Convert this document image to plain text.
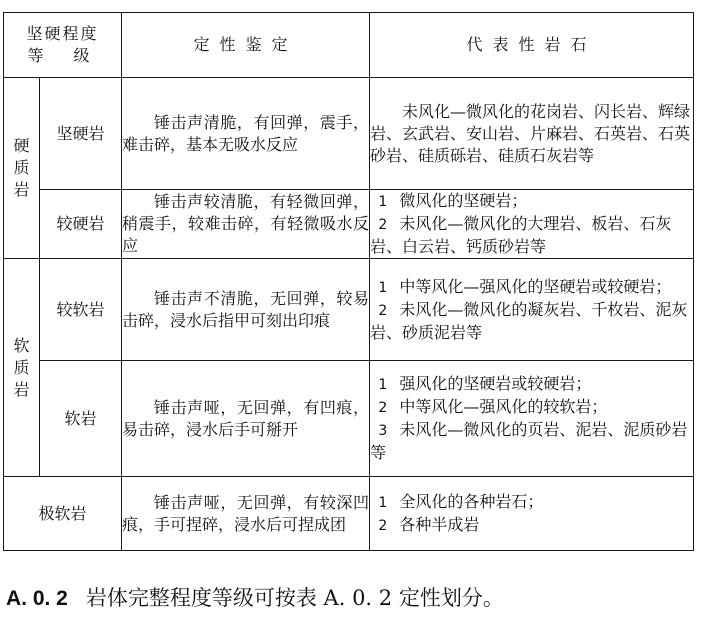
坚硬程度

等级		定性鉴定	代表性岩石
硬质岩	坚硬岩	锤击声清脆，有回弹，震手，难击碎，基本无吸水反应	未风化—微风化的花岗岩、闪长岩、辉绿岩、玄武岩、安山岩、片麻岩、石英岩、石英砂岩、硅质砾岩、硅质石灰岩等

	较硬岩	锤击声较清脆，有轻微回弹，稍震手，较难击碎，有轻微吸水反应	1 微风化的坚硬岩；
2 未风化—微风化的大理岩、板岩、石灰岩、白云岩、钙质砂岩等

软质岩	较软岩	锤击声不清脆，无回弹，较易击碎，浸水后指甲可刻出印痕	1 中等风化—强风化的坚硬岩或较硬岩；
2 未风化—微风化的凝灰岩、千枚岩、泥灰岩、砂质泥岩等

	软岩	锤击声哑，无回弹，有凹痕，易击碎，浸水后手可掰开	1 强风化的坚硬岩或较硬岩；
2 中等风化—强风化的较软岩；
3 未风化—微风化的页岩、泥岩、泥质砂岩等

极软岩		锤击声哑，无回弹，有较深凹痕，手可捏碎，浸水后可捏成团	1 全风化的各种岩石；
2 各种半成岩
A. 0. 2 岩体完整程度等级可按表 A. 0. 2 定性划分。
